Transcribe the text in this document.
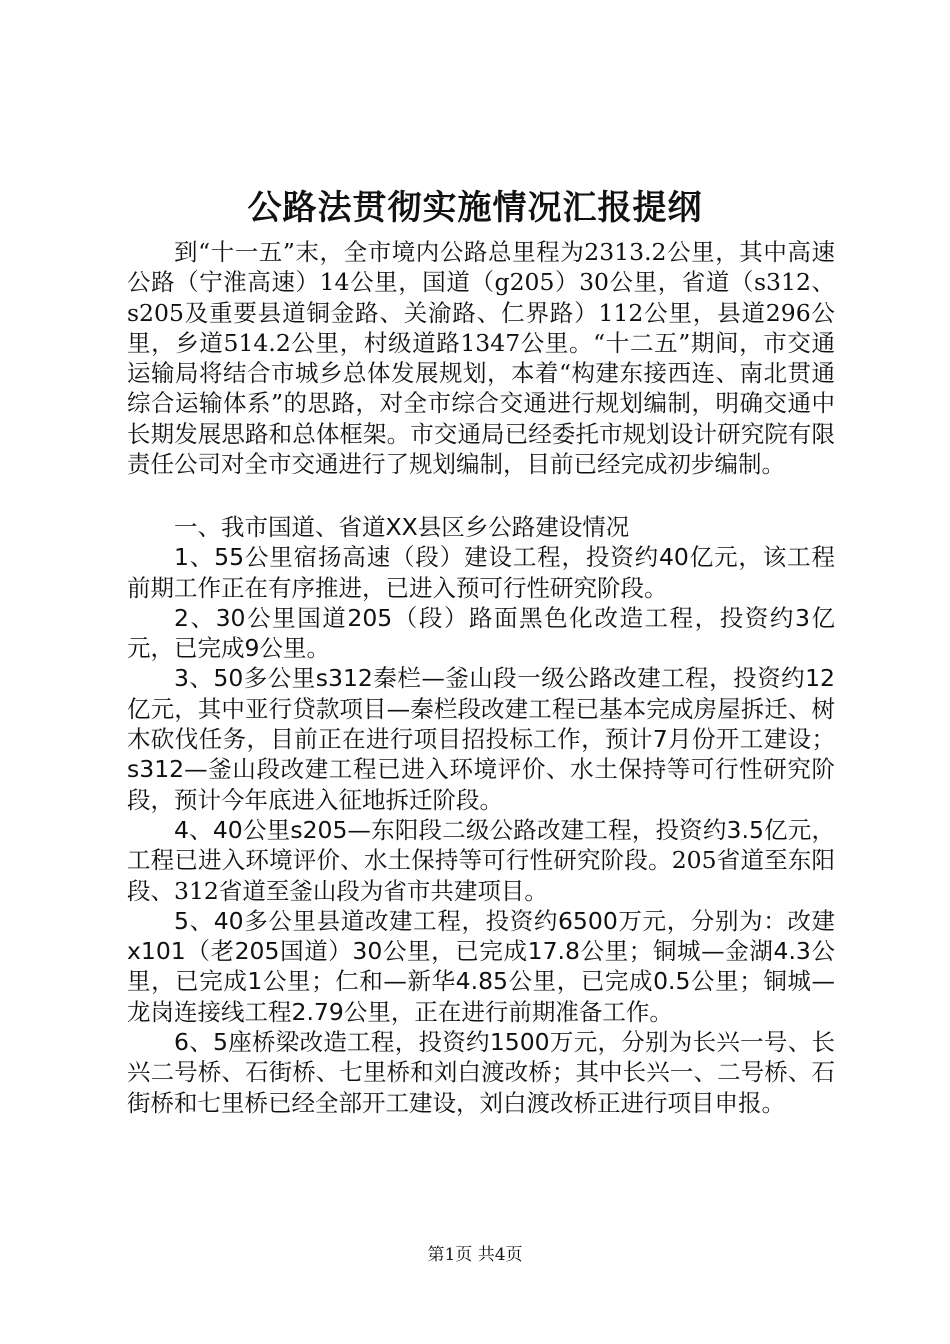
公路法贯彻实施情况汇报提纲

到“十一五”末，全市境内公路总里程为2313.2公里，其中高速公路（宁淮高速）14公里，国道（g205）30公里，省道（s312、s205及重要县道铜金路、关渝路、仁界路）112公里，县道296公里，乡道514.2公里，村级道路1347公里。“十二五”期间，市交通运输局将结合市城乡总体发展规划，本着“构建东接西连、南北贯通综合运输体系”的思路，对全市综合交通进行规划编制，明确交通中长期发展思路和总体框架。市交通局已经委托市规划设计研究院有限责任公司对全市交通进行了规划编制，目前已经完成初步编制。

一、我市国道、省道XX县区乡公路建设情况

1、55公里宿扬高速（段）建设工程，投资约40亿元，该工程前期工作正在有序推进，已进入预可行性研究阶段。

2、30公里国道205（段）路面黑色化改造工程，投资约3亿元，已完成9公里。

3、50多公里s312秦栏—釜山段一级公路改建工程，投资约12亿元，其中亚行贷款项目—秦栏段改建工程已基本完成房屋拆迁、树木砍伐任务，目前正在进行项目招投标工作，预计7月份开工建设；s312—釜山段改建工程已进入环境评价、水土保持等可行性研究阶段，预计今年底进入征地拆迁阶段。

4、40公里s205—东阳段二级公路改建工程，投资约3.5亿元，工程已进入环境评价、水土保持等可行性研究阶段。205省道至东阳段、312省道至釜山段为省市共建项目。

5、40多公里县道改建工程，投资约6500万元，分别为：改建x101（老205国道）30公里，已完成17.8公里；铜城—金湖4.3公里，已完成1公里；仁和—新华4.85公里，已完成0.5公里；铜城—龙岗连接线工程2.79公里，正在进行前期准备工作。

6、5座桥梁改造工程，投资约1500万元，分别为长兴一号、长兴二号桥、石街桥、七里桥和刘白渡改桥；其中长兴一、二号桥、石街桥和七里桥已经全部开工建设，刘白渡改桥正进行项目申报。

第1页 共4页
